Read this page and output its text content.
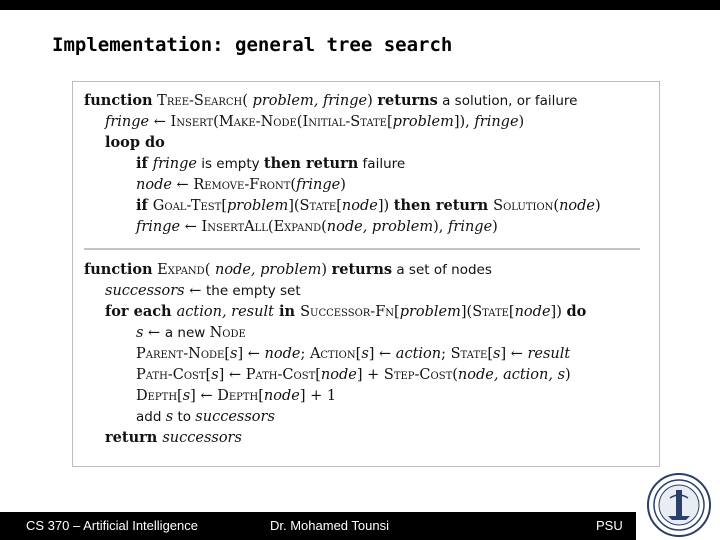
Implementation: general tree search
function Tree-Search( problem, fringe) returns a solution, or failure
fringe ← Insert(Make-Node(Initial-State[problem]), fringe)
loop do
if fringe is empty then return failure
node ← Remove-Front(fringe)
if Goal-Test[problem](State[node]) then return Solution(node)
fringe ← InsertAll(Expand(node, problem), fringe)
function Expand( node, problem) returns a set of nodes
successors ← the empty set
for each action, result in Successor-Fn[problem](State[node]) do
s ← a new Node
Parent-Node[s] ← node; Action[s] ← action; State[s] ← result
Path-Cost[s] ← Path-Cost[node] + Step-Cost(node, action, s)
Depth[s] ← Depth[node] + 1
add s to successors
return successors
CS 370 – Artificial Intelligence	Dr. Mohamed Tounsi	PSU
